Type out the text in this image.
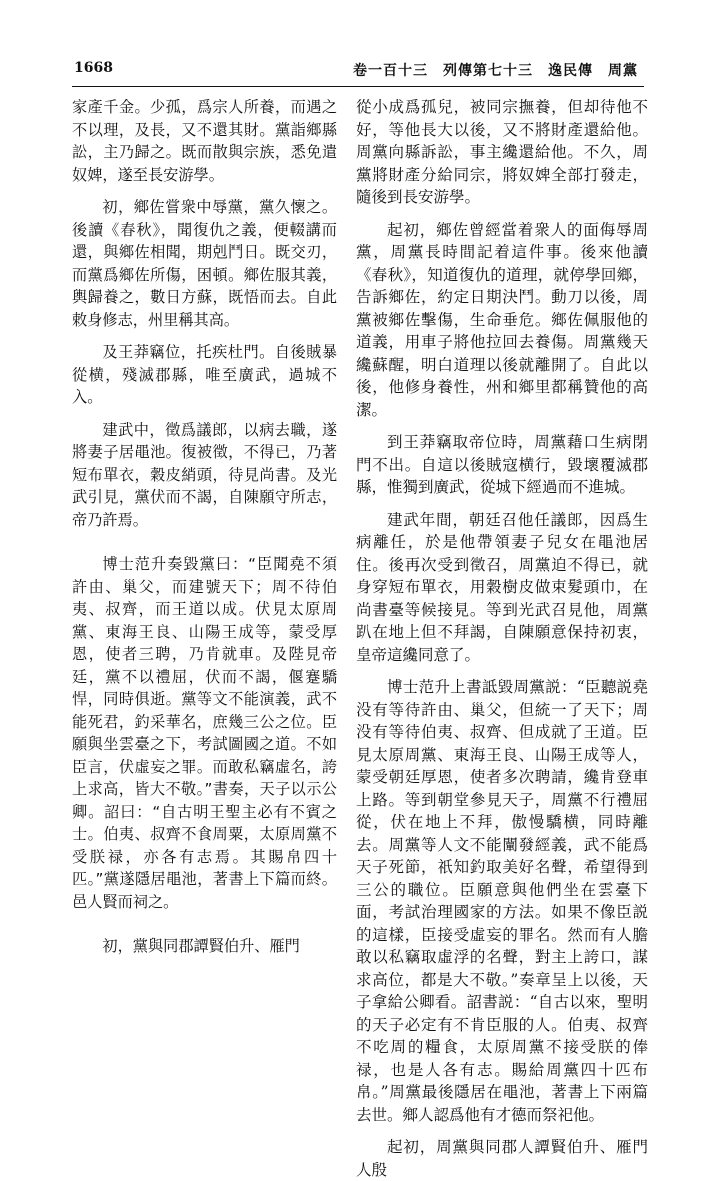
1668	卷一百十三　列傳第七十三　逸民傳　周黨

家產千金。少孤，爲宗人所養，而遇之不以理，及長，又不還其財。黨詣鄉縣訟，主乃歸之。既而散與宗族，悉免遣奴婢，遂至長安游學。

初，鄉佐嘗衆中辱黨，黨久懷之。後讀《春秋》，聞復仇之義，便輟講而還，與鄉佐相聞，期剋鬥日。既交刃，而黨爲鄉佐所傷，困頓。鄉佐服其義，輿歸養之，數日方蘇，既悟而去。自此敕身修志，州里稱其高。

及王莽竊位，托疾杜門。自後賊暴從横，殘滅郡縣，唯至廣武，過城不入。

建武中，徵爲議郎，以病去職，遂將妻子居黽池。復被徵，不得已，乃著短布單衣，穀皮綃頭，待見尚書。及光武引見，黨伏而不謁，自陳願守所志，帝乃許焉。

博士范升奏毀黨曰：“臣聞堯不須許由、巢父，而建號天下；周不待伯夷、叔齊，而王道以成。伏見太原周黨、東海王良、山陽王成等，蒙受厚恩，使者三聘，乃肯就車。及陛見帝廷，黨不以禮屈，伏而不謁，偃蹇驕悍，同時俱逝。黨等文不能演義，武不能死君，釣采華名，庶幾三公之位。臣願與坐雲臺之下，考試圖國之道。不如臣言，伏虛妄之罪。而敢私竊虛名，誇上求高，皆大不敬。”書奏，天子以示公卿。詔曰：“自古明王聖主必有不賓之士。伯夷、叔齊不食周粟，太原周黨不受朕禄，亦各有志焉。其賜帛四十匹。”黨遂隱居黽池，著書上下篇而終。邑人賢而祠之。

初，黨與同郡譚賢伯升、雁門

從小成爲孤兒，被同宗撫養，但却待他不好，等他長大以後，又不將財產還給他。周黨向縣訴訟，事主纔還給他。不久，周黨將財產分給同宗，將奴婢全部打發走，隨後到長安游學。

起初，鄉佐曾經當着衆人的面侮辱周黨，周黨長時間記着這件事。後來他讀《春秋》，知道復仇的道理，就停學回鄉，告訴鄉佐，約定日期決鬥。動刀以後，周黨被鄉佐擊傷，生命垂危。鄉佐佩服他的道義，用車子將他拉回去養傷。周黨幾天纔蘇醒，明白道理以後就離開了。自此以後，他修身養性，州和鄉里都稱贊他的高潔。

到王莽竊取帝位時，周黨藉口生病閉門不出。自這以後賊寇横行，毀壞覆滅郡縣，惟獨到廣武，從城下經過而不進城。

建武年間，朝廷召他任議郎，因爲生病離任，於是他帶領妻子兒女在黽池居住。後再次受到徵召，周黨迫不得已，就身穿短布單衣，用穀樹皮做束髮頭巾，在尚書臺等候接見。等到光武召見他，周黨趴在地上但不拜謁，自陳願意保持初衷，皇帝這纔同意了。

博士范升上書詆毀周黨説：“臣聽説堯没有等待許由、巢父，但統一了天下；周没有等待伯夷、叔齊、但成就了王道。臣見太原周黨、東海王良、山陽王成等人，蒙受朝廷厚恩，使者多次聘請，纔肯登車上路。等到朝堂參見天子，周黨不行禮屈從，伏在地上不拜，傲慢驕横，同時離去。周黨等人文不能闡發經義，武不能爲天子死節，祇知釣取美好名聲，希望得到三公的職位。臣願意與他們坐在雲臺下面，考試治理國家的方法。如果不像臣説的這樣，臣接受虛妄的罪名。然而有人膽敢以私竊取虛浮的名聲，對主上誇口，謀求高位，都是大不敬。”奏章呈上以後，天子拿給公卿看。詔書説：“自古以來，聖明的天子必定有不肯臣服的人。伯夷、叔齊不吃周的糧食，太原周黨不接受朕的俸禄，也是人各有志。賜給周黨四十匹布帛。”周黨最後隱居在黽池，著書上下兩篇去世。鄉人認爲他有才德而祭祀他。

起初，周黨與同郡人譚賢伯升、雁門人殷
